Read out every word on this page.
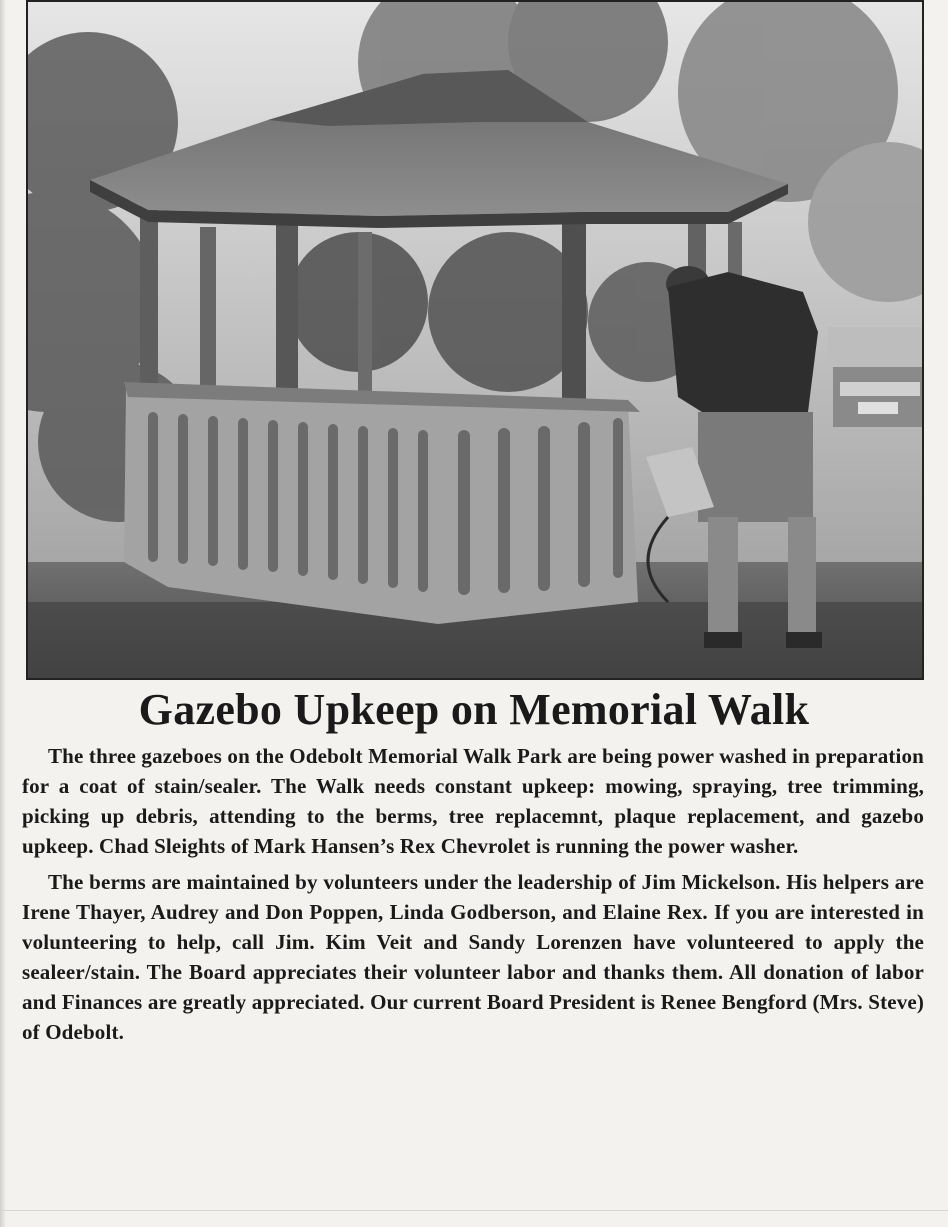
Gazebo Upkeep on Memorial Walk

The three gazeboes on the Odebolt Memorial Walk Park are being power washed in preparation for a coat of stain/sealer. The Walk needs constant upkeep: mowing, spraying, tree trimming, picking up debris, attending to the berms, tree replacemnt, plaque replacement, and gazebo upkeep. Chad Sleights of Mark Hansen’s Rex Chevrolet is running the power washer.

The berms are maintained by volunteers under the leadership of Jim Mickelson. His helpers are Irene Thayer, Audrey and Don Poppen, Linda Godberson, and Elaine Rex. If you are interested in volunteering to help, call Jim. Kim Veit and Sandy Lorenzen have volunteered to apply the sealeer/stain. The Board appreciates their volunteer labor and thanks them. All donation of labor and Finances are greatly appreciated. Our current Board President is Renee Bengford (Mrs. Steve) of Odebolt.
